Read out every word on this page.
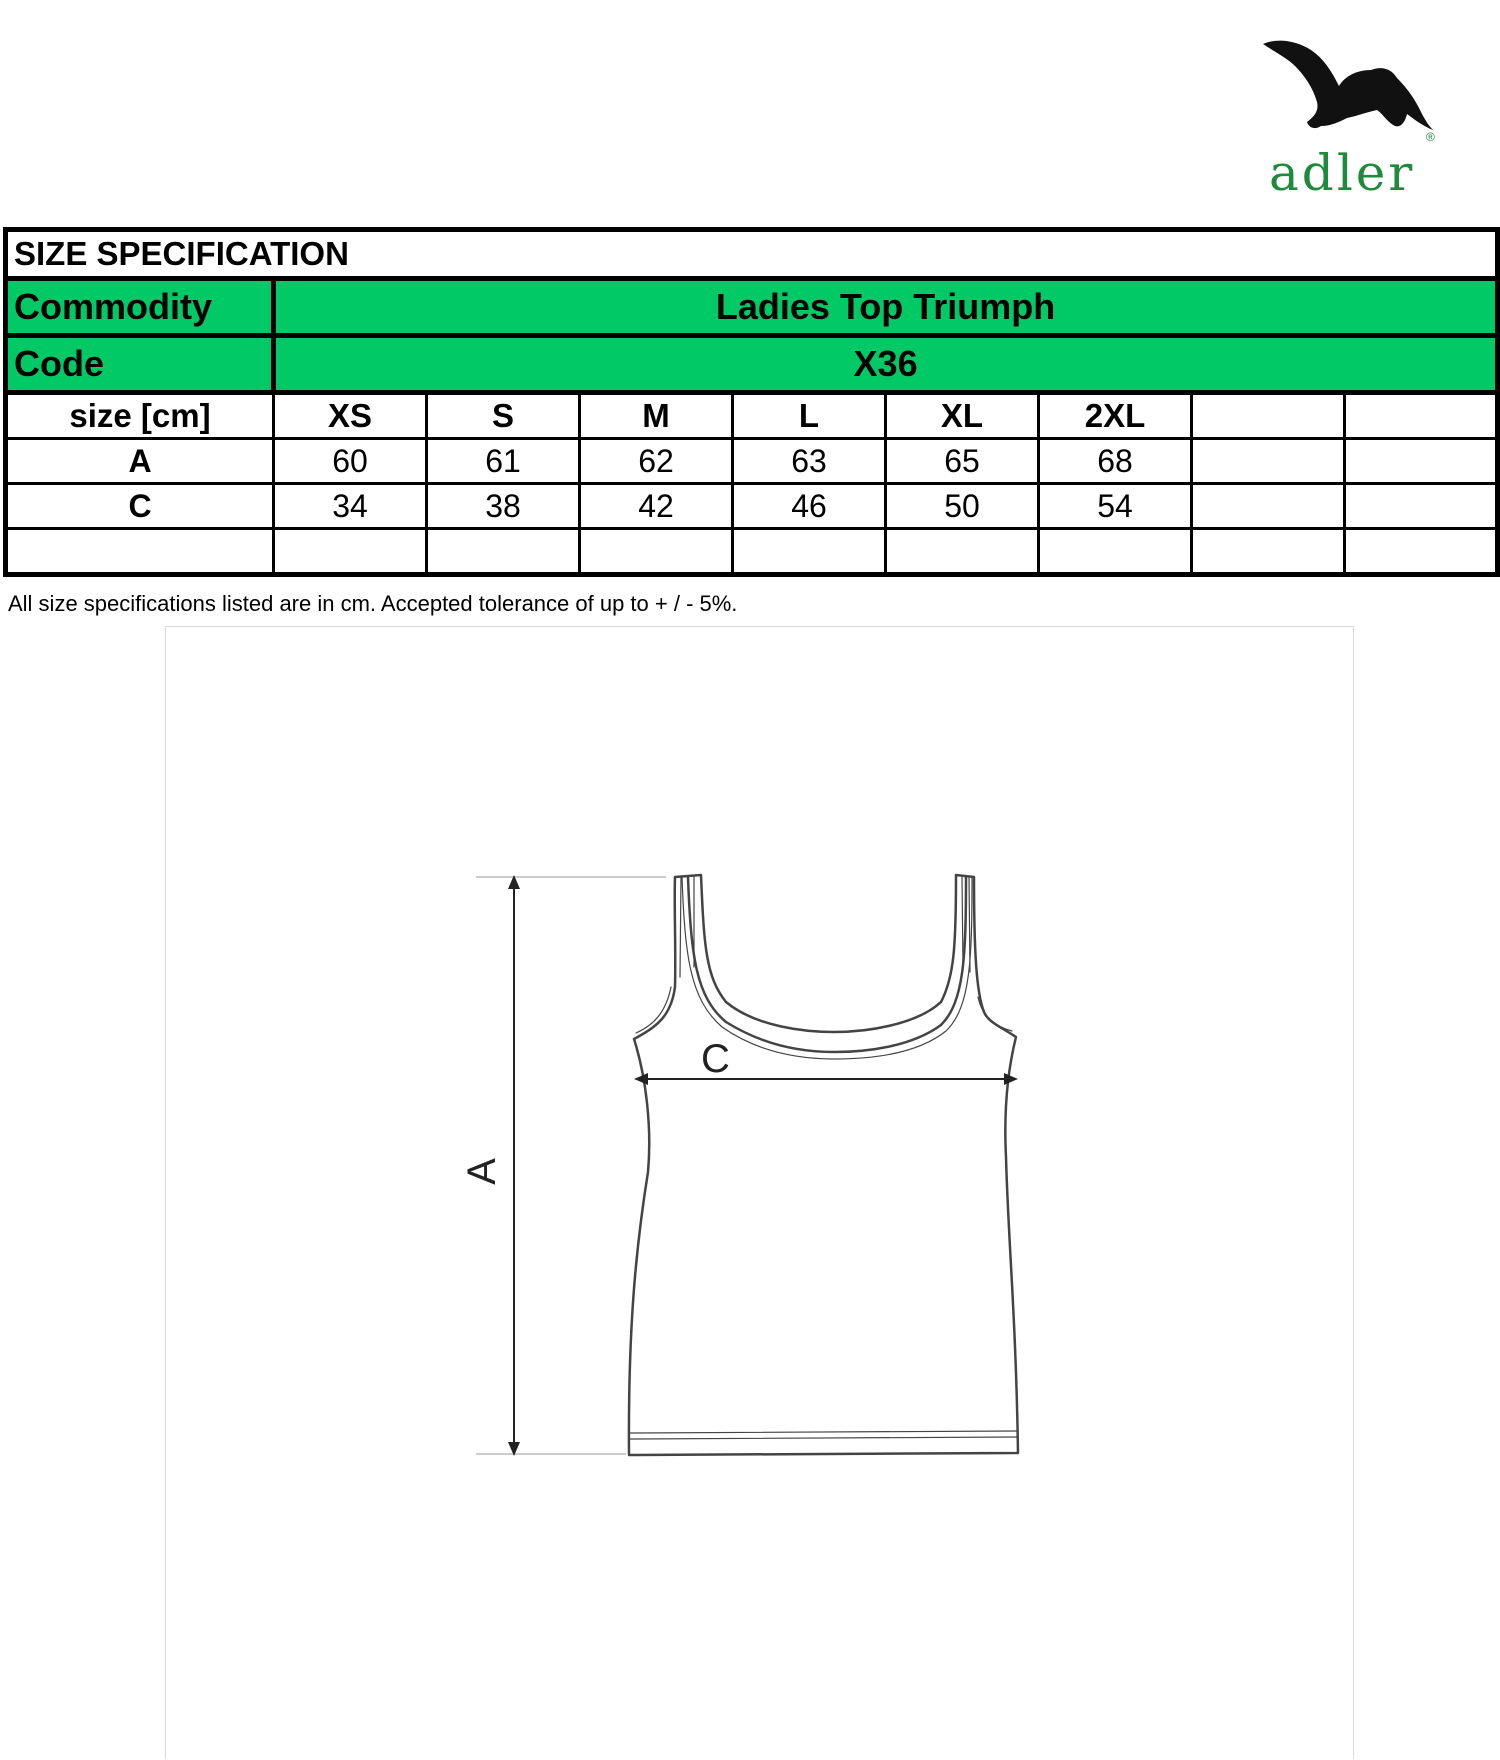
adler
®
SIZE SPECIFICATION								
Commodity	Ladies Top Triumph							
Code	X36							
size [cm]	XS	S	M	L	XL	2XL		
A	60	61	62	63	65	68		
C	34	38	42	46	50	54		

All size specifications listed are in cm. Accepted tolerance of up to + / - 5%.
A
C
